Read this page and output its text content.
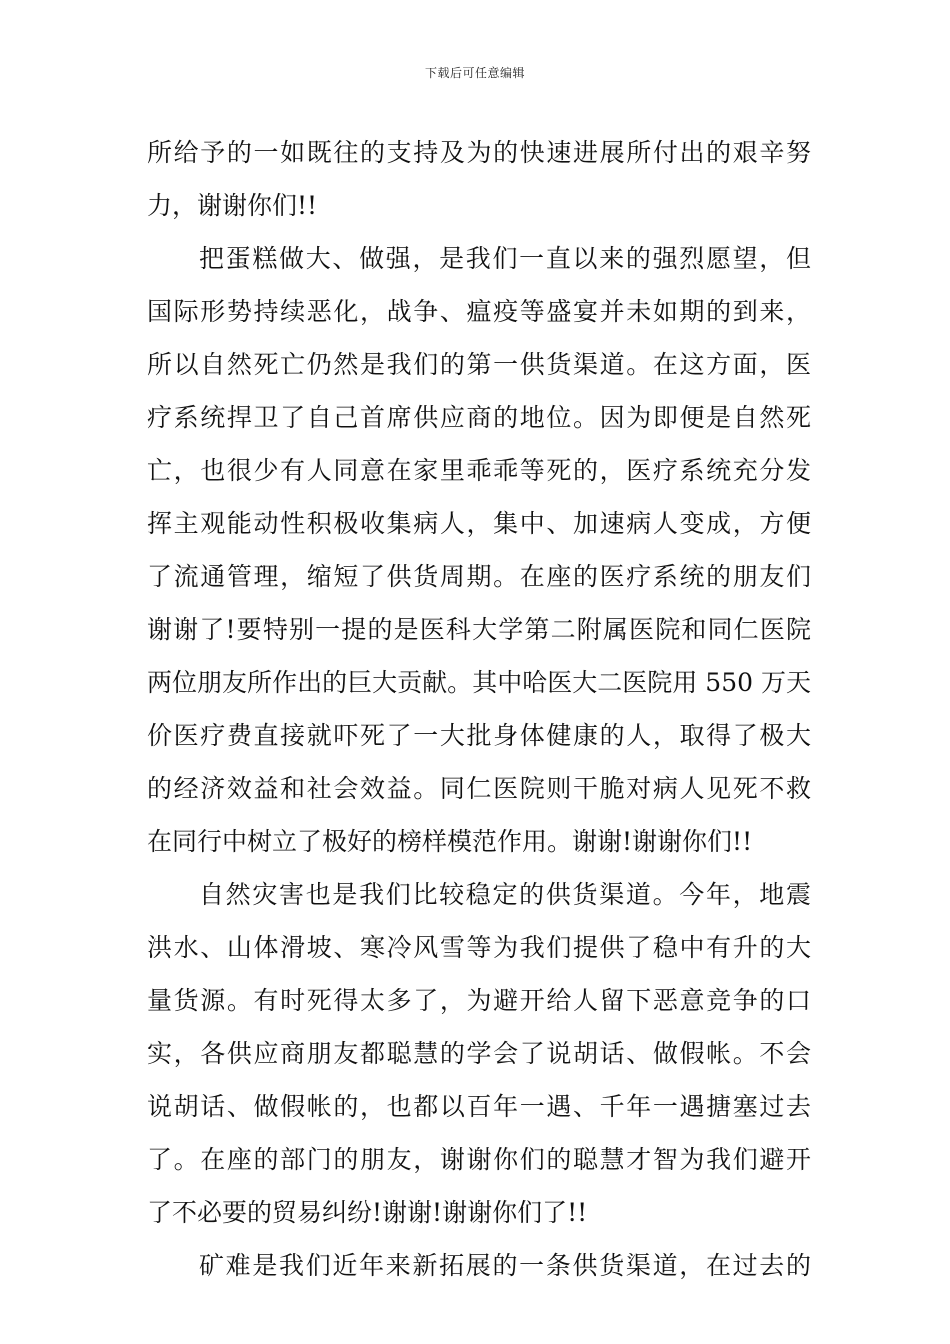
下载后可任意编辑
所给予的一如既往的支持及为的快速进展所付出的艰辛努
力，谢谢你们!!
把蛋糕做大、做强，是我们一直以来的强烈愿望，但
国际形势持续恶化，战争、瘟疫等盛宴并未如期的到来，
所以自然死亡仍然是我们的第一供货渠道。在这方面，医
疗系统捍卫了自己首席供应商的地位。因为即便是自然死
亡，也很少有人同意在家里乖乖等死的，医疗系统充分发
挥主观能动性积极收集病人，集中、加速病人变成，方便
了流通管理，缩短了供货周期。在座的医疗系统的朋友们
谢谢了!要特别一提的是医科大学第二附属医院和同仁医院
两位朋友所作出的巨大贡献。其中哈医大二医院用 550 万天
价医疗费直接就吓死了一大批身体健康的人，取得了极大
的经济效益和社会效益。同仁医院则干脆对病人见死不救
在同行中树立了极好的榜样模范作用。谢谢!谢谢你们!!
自然灾害也是我们比较稳定的供货渠道。今年，地震
洪水、山体滑坡、寒冷风雪等为我们提供了稳中有升的大
量货源。有时死得太多了，为避开给人留下恶意竞争的口
实，各供应商朋友都聪慧的学会了说胡话、做假帐。不会
说胡话、做假帐的，也都以百年一遇、千年一遇搪塞过去
了。在座的部门的朋友，谢谢你们的聪慧才智为我们避开
了不必要的贸易纠纷!谢谢!谢谢你们了!!
矿难是我们近年来新拓展的一条供货渠道，在过去的
